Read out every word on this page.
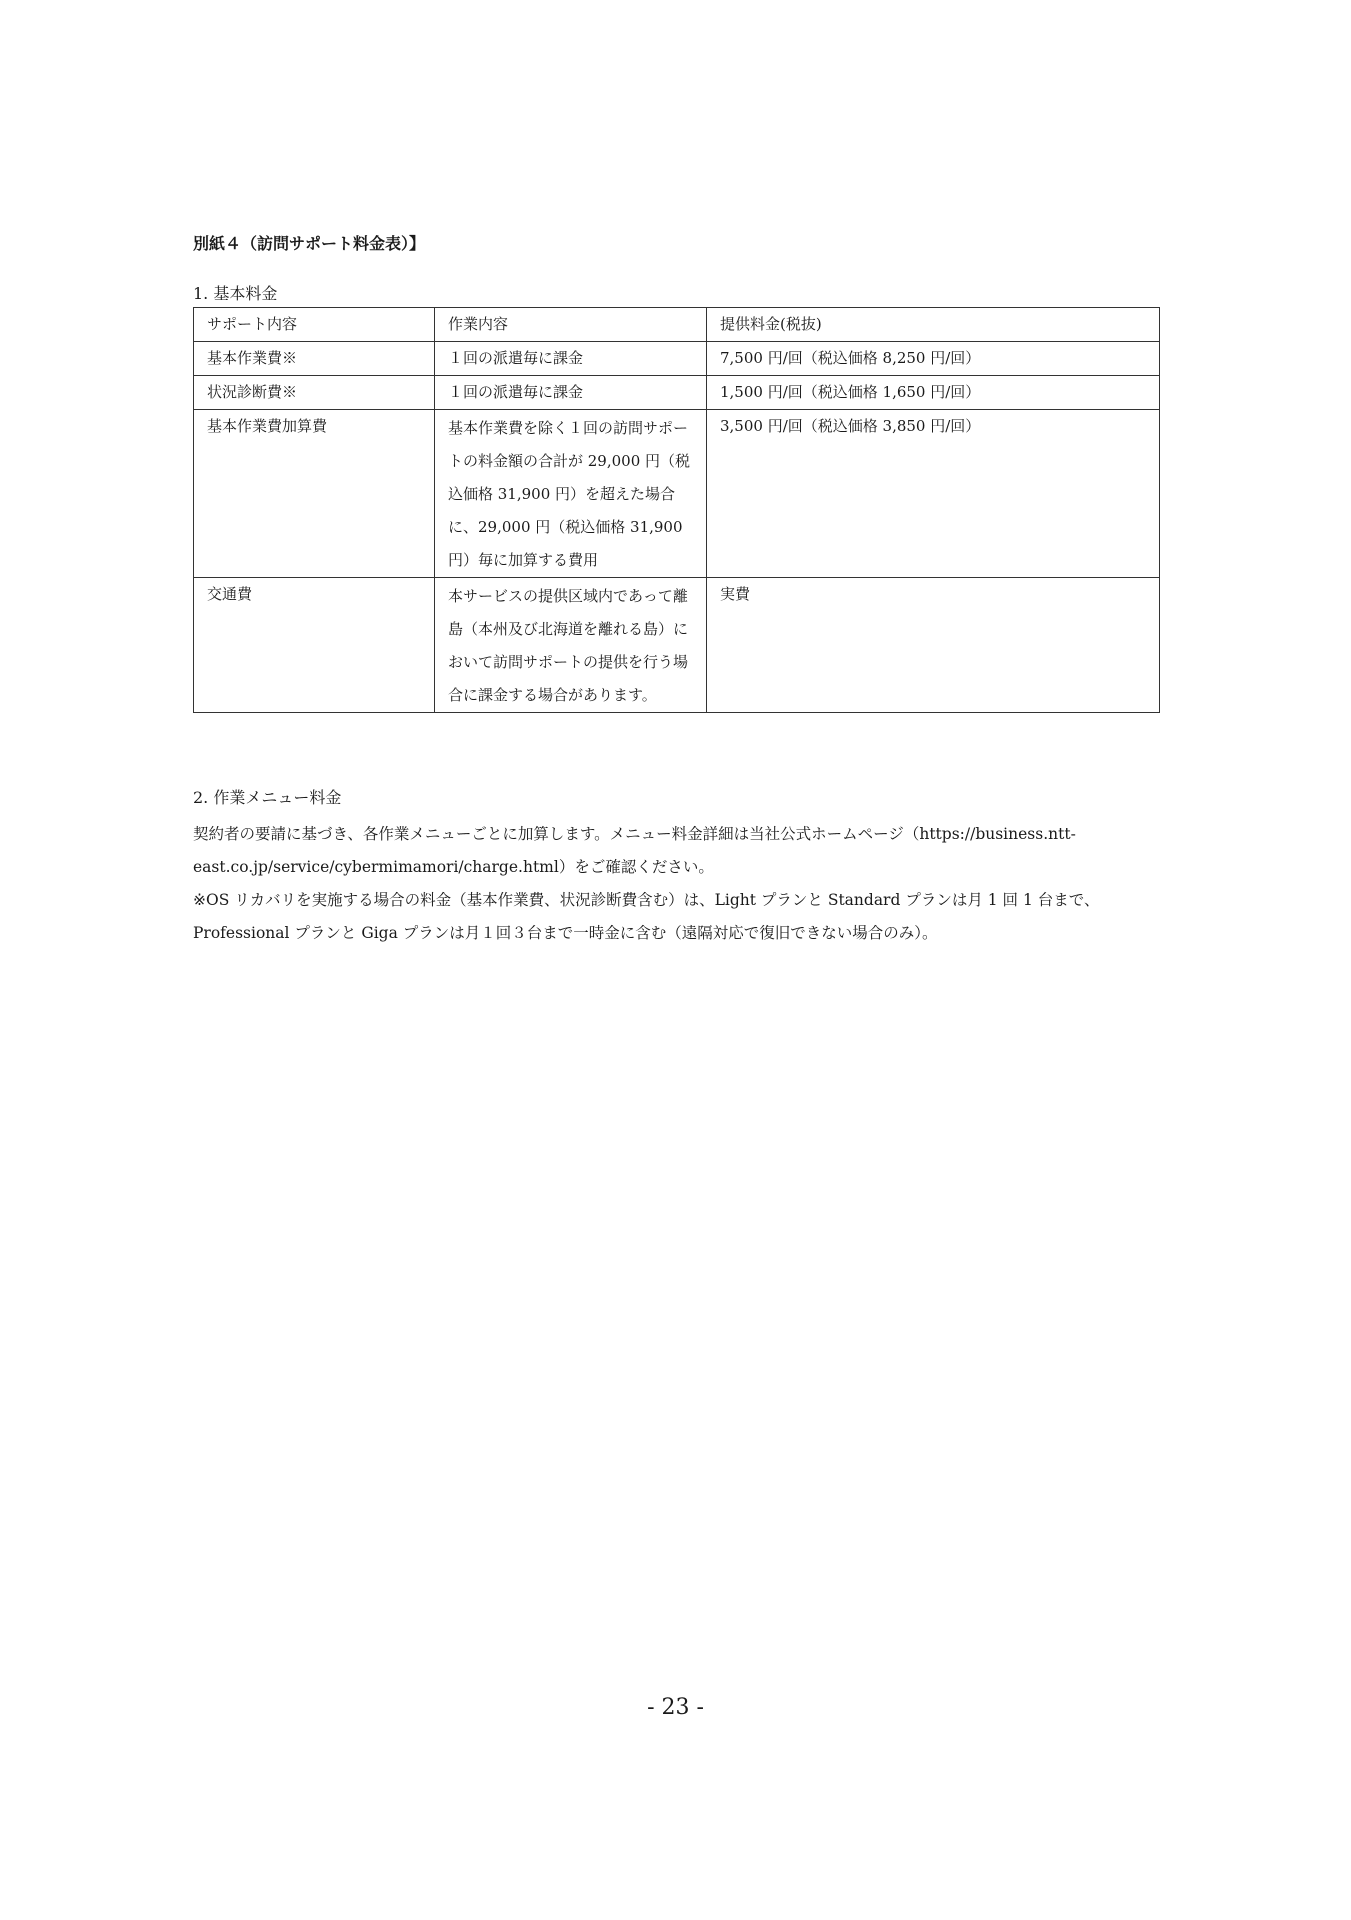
別紙４（訪問サポート料金表）】
1. 基本料金
サポート内容	作業内容	提供料金(税抜)
基本作業費※	１回の派遣毎に課金	7,500 円/回（税込価格 8,250 円/回）
状況診断費※	１回の派遣毎に課金	1,500 円/回（税込価格 1,650 円/回）
基本作業費加算費	基本作業費を除く１回の訪問サポートの料金額の合計が 29,000 円（税込価格 31,900 円）を超えた場合に、29,000 円（税込価格 31,900 円）毎に加算する費用	3,500 円/回（税込価格 3,850 円/回）
交通費	本サービスの提供区域内であって離島（本州及び北海道を離れる島）において訪問サポートの提供を行う場合に課金する場合があります。	実費
2. 作業メニュー料金

契約者の要請に基づき、各作業メニューごとに加算します。メニュー料金詳細は当社公式ホームページ（https://business.ntt-east.co.jp/service/cybermimamori/charge.html）をご確認ください。

※OS リカバリを実施する場合の料金（基本作業費、状況診断費含む）は、Light プランと Standard プランは月 1 回 1 台まで、Professional プランと Giga プランは月１回３台まで一時金に含む（遠隔対応で復旧できない場合のみ）。

- 23 -
